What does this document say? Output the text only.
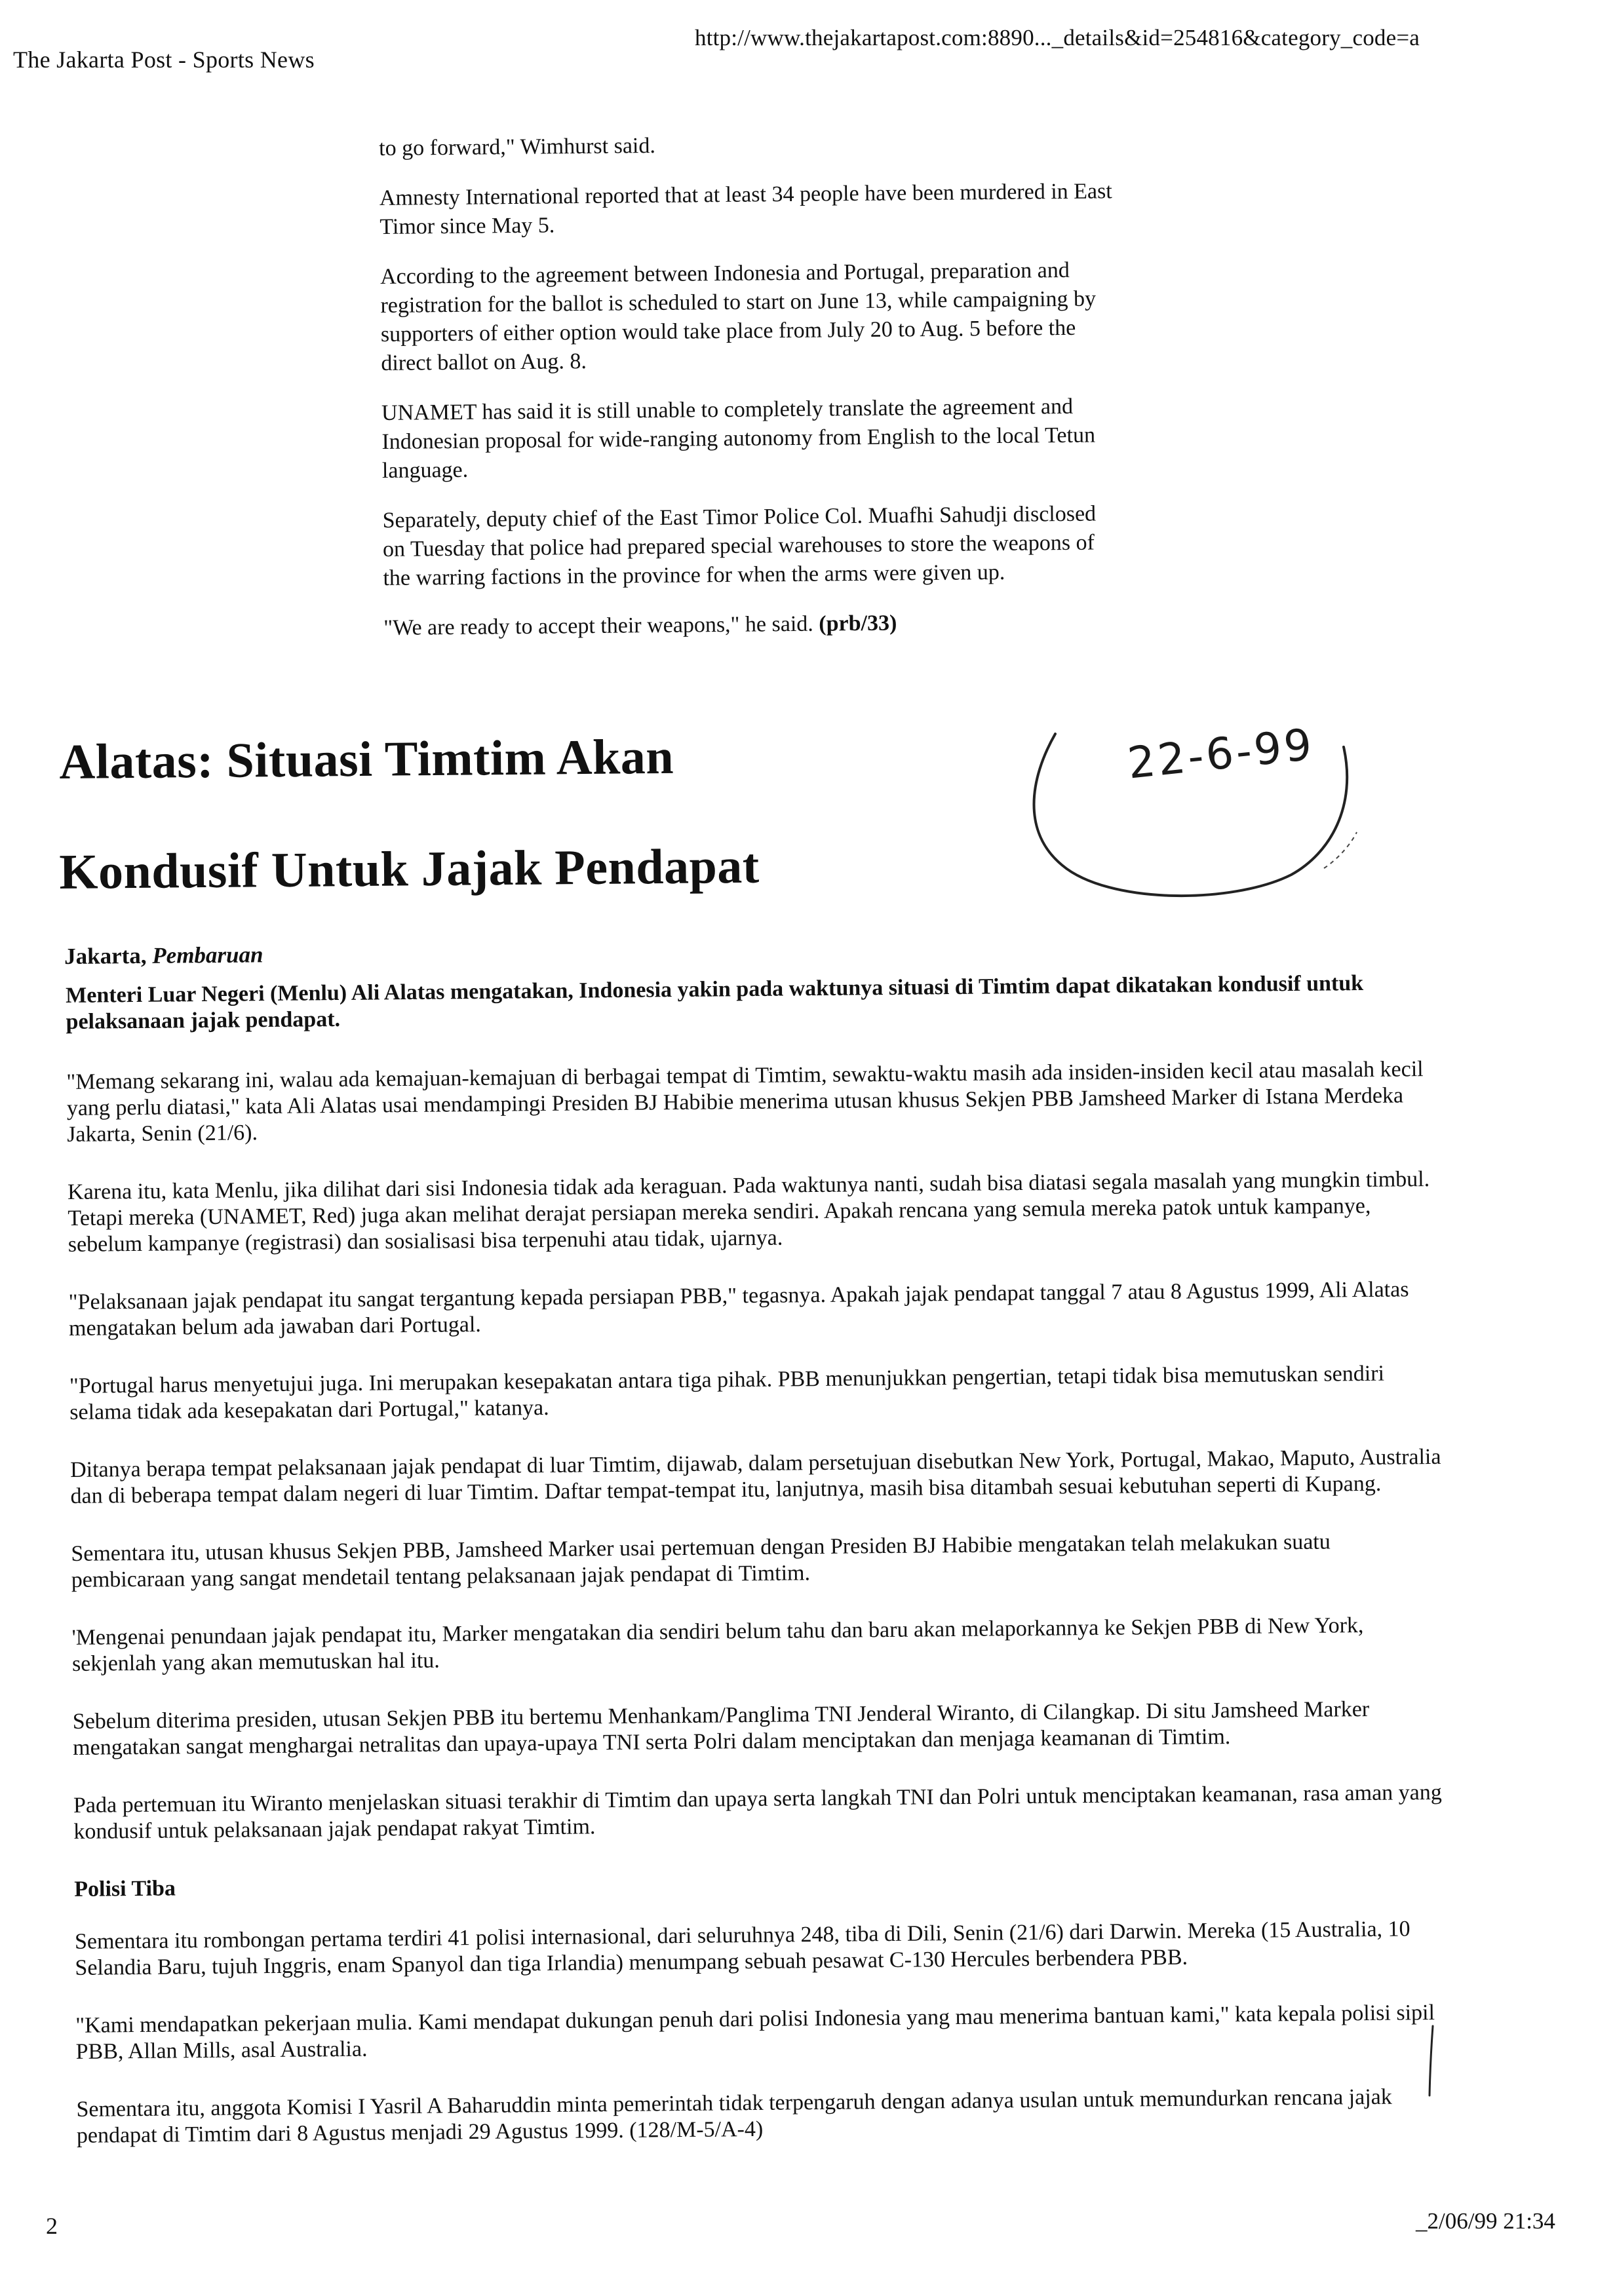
The Jakarta Post - Sports News
http://www.thejakartapost.com:8890..._details&id=254816&category_code=a

to go forward," Wimhurst said.

Amnesty International reported that at least 34 people have been murdered in East Timor since May 5.

According to the agreement between Indonesia and Portugal, preparation and registration for the ballot is scheduled to start on June 13, while campaigning by supporters of either option would take place from July 20 to Aug. 5 before the direct ballot on Aug. 8.

UNAMET has said it is still unable to completely translate the agreement and Indonesian proposal for wide-ranging autonomy from English to the local Tetun language.

Separately, deputy chief of the East Timor Police Col. Muafhi Sahudji disclosed on Tuesday that police had prepared special warehouses to store the weapons of the warring factions in the province for when the arms were given up.

"We are ready to accept their weapons," he said. (prb/33)

Alatas: Situasi Timtim Akan
Kondusif Untuk Jajak Pendapat
22-6-99
Jakarta, Pembaruan

Menteri Luar Negeri (Menlu) Ali Alatas mengatakan, Indonesia yakin pada waktunya situasi di Timtim dapat dikatakan kondusif untuk pelaksanaan jajak pendapat.

"Memang sekarang ini, walau ada kemajuan-kemajuan di berbagai tempat di Timtim, sewaktu-waktu masih ada insiden-insiden kecil atau masalah kecil yang perlu diatasi," kata Ali Alatas usai mendampingi Presiden BJ Habibie menerima utusan khusus Sekjen PBB Jamsheed Marker di Istana Merdeka Jakarta, Senin (21/6).

Karena itu, kata Menlu, jika dilihat dari sisi Indonesia tidak ada keraguan. Pada waktunya nanti, sudah bisa diatasi segala masalah yang mungkin timbul. Tetapi mereka (UNAMET, Red) juga akan melihat derajat persiapan mereka sendiri. Apakah rencana yang semula mereka patok untuk kampanye, sebelum kampanye (registrasi) dan sosialisasi bisa terpenuhi atau tidak, ujarnya.

"Pelaksanaan jajak pendapat itu sangat tergantung kepada persiapan PBB," tegasnya. Apakah jajak pendapat tanggal 7 atau 8 Agustus 1999, Ali Alatas mengatakan belum ada jawaban dari Portugal.

"Portugal harus menyetujui juga. Ini merupakan kesepakatan antara tiga pihak. PBB menunjukkan pengertian, tetapi tidak bisa memutuskan sendiri selama tidak ada kesepakatan dari Portugal," katanya.

Ditanya berapa tempat pelaksanaan jajak pendapat di luar Timtim, dijawab, dalam persetujuan disebutkan New York, Portugal, Makao, Maputo, Australia dan di beberapa tempat dalam negeri di luar Timtim. Daftar tempat-tempat itu, lanjutnya, masih bisa ditambah sesuai kebutuhan seperti di Kupang.

Sementara itu, utusan khusus Sekjen PBB, Jamsheed Marker usai pertemuan dengan Presiden BJ Habibie mengatakan telah melakukan suatu pembicaraan yang sangat mendetail tentang pelaksanaan jajak pendapat di Timtim.

'Mengenai penundaan jajak pendapat itu, Marker mengatakan dia sendiri belum tahu dan baru akan melaporkannya ke Sekjen PBB di New York, sekjenlah yang akan memutuskan hal itu.

Sebelum diterima presiden, utusan Sekjen PBB itu bertemu Menhankam/Panglima TNI Jenderal Wiranto, di Cilangkap. Di situ Jamsheed Marker mengatakan sangat menghargai netralitas dan upaya-upaya TNI serta Polri dalam menciptakan dan menjaga keamanan di Timtim.

Pada pertemuan itu Wiranto menjelaskan situasi terakhir di Timtim dan upaya serta langkah TNI dan Polri untuk menciptakan keamanan, rasa aman yang kondusif untuk pelaksanaan jajak pendapat rakyat Timtim.

Polisi Tiba

Sementara itu rombongan pertama terdiri 41 polisi internasional, dari seluruhnya 248, tiba di Dili, Senin (21/6) dari Darwin. Mereka (15 Australia, 10 Selandia Baru, tujuh Inggris, enam Spanyol dan tiga Irlandia) menumpang sebuah pesawat C-130 Hercules berbendera PBB.

"Kami mendapatkan pekerjaan mulia. Kami mendapat dukungan penuh dari polisi Indonesia yang mau menerima bantuan kami," kata kepala polisi sipil PBB, Allan Mills, asal Australia.

Sementara itu, anggota Komisi I Yasril A Baharuddin minta pemerintah tidak terpengaruh dengan adanya usulan untuk memundurkan rencana jajak pendapat di Timtim dari 8 Agustus menjadi 29 Agustus 1999. (128/M-5/A-4)

2	_2/06/99 21:34
